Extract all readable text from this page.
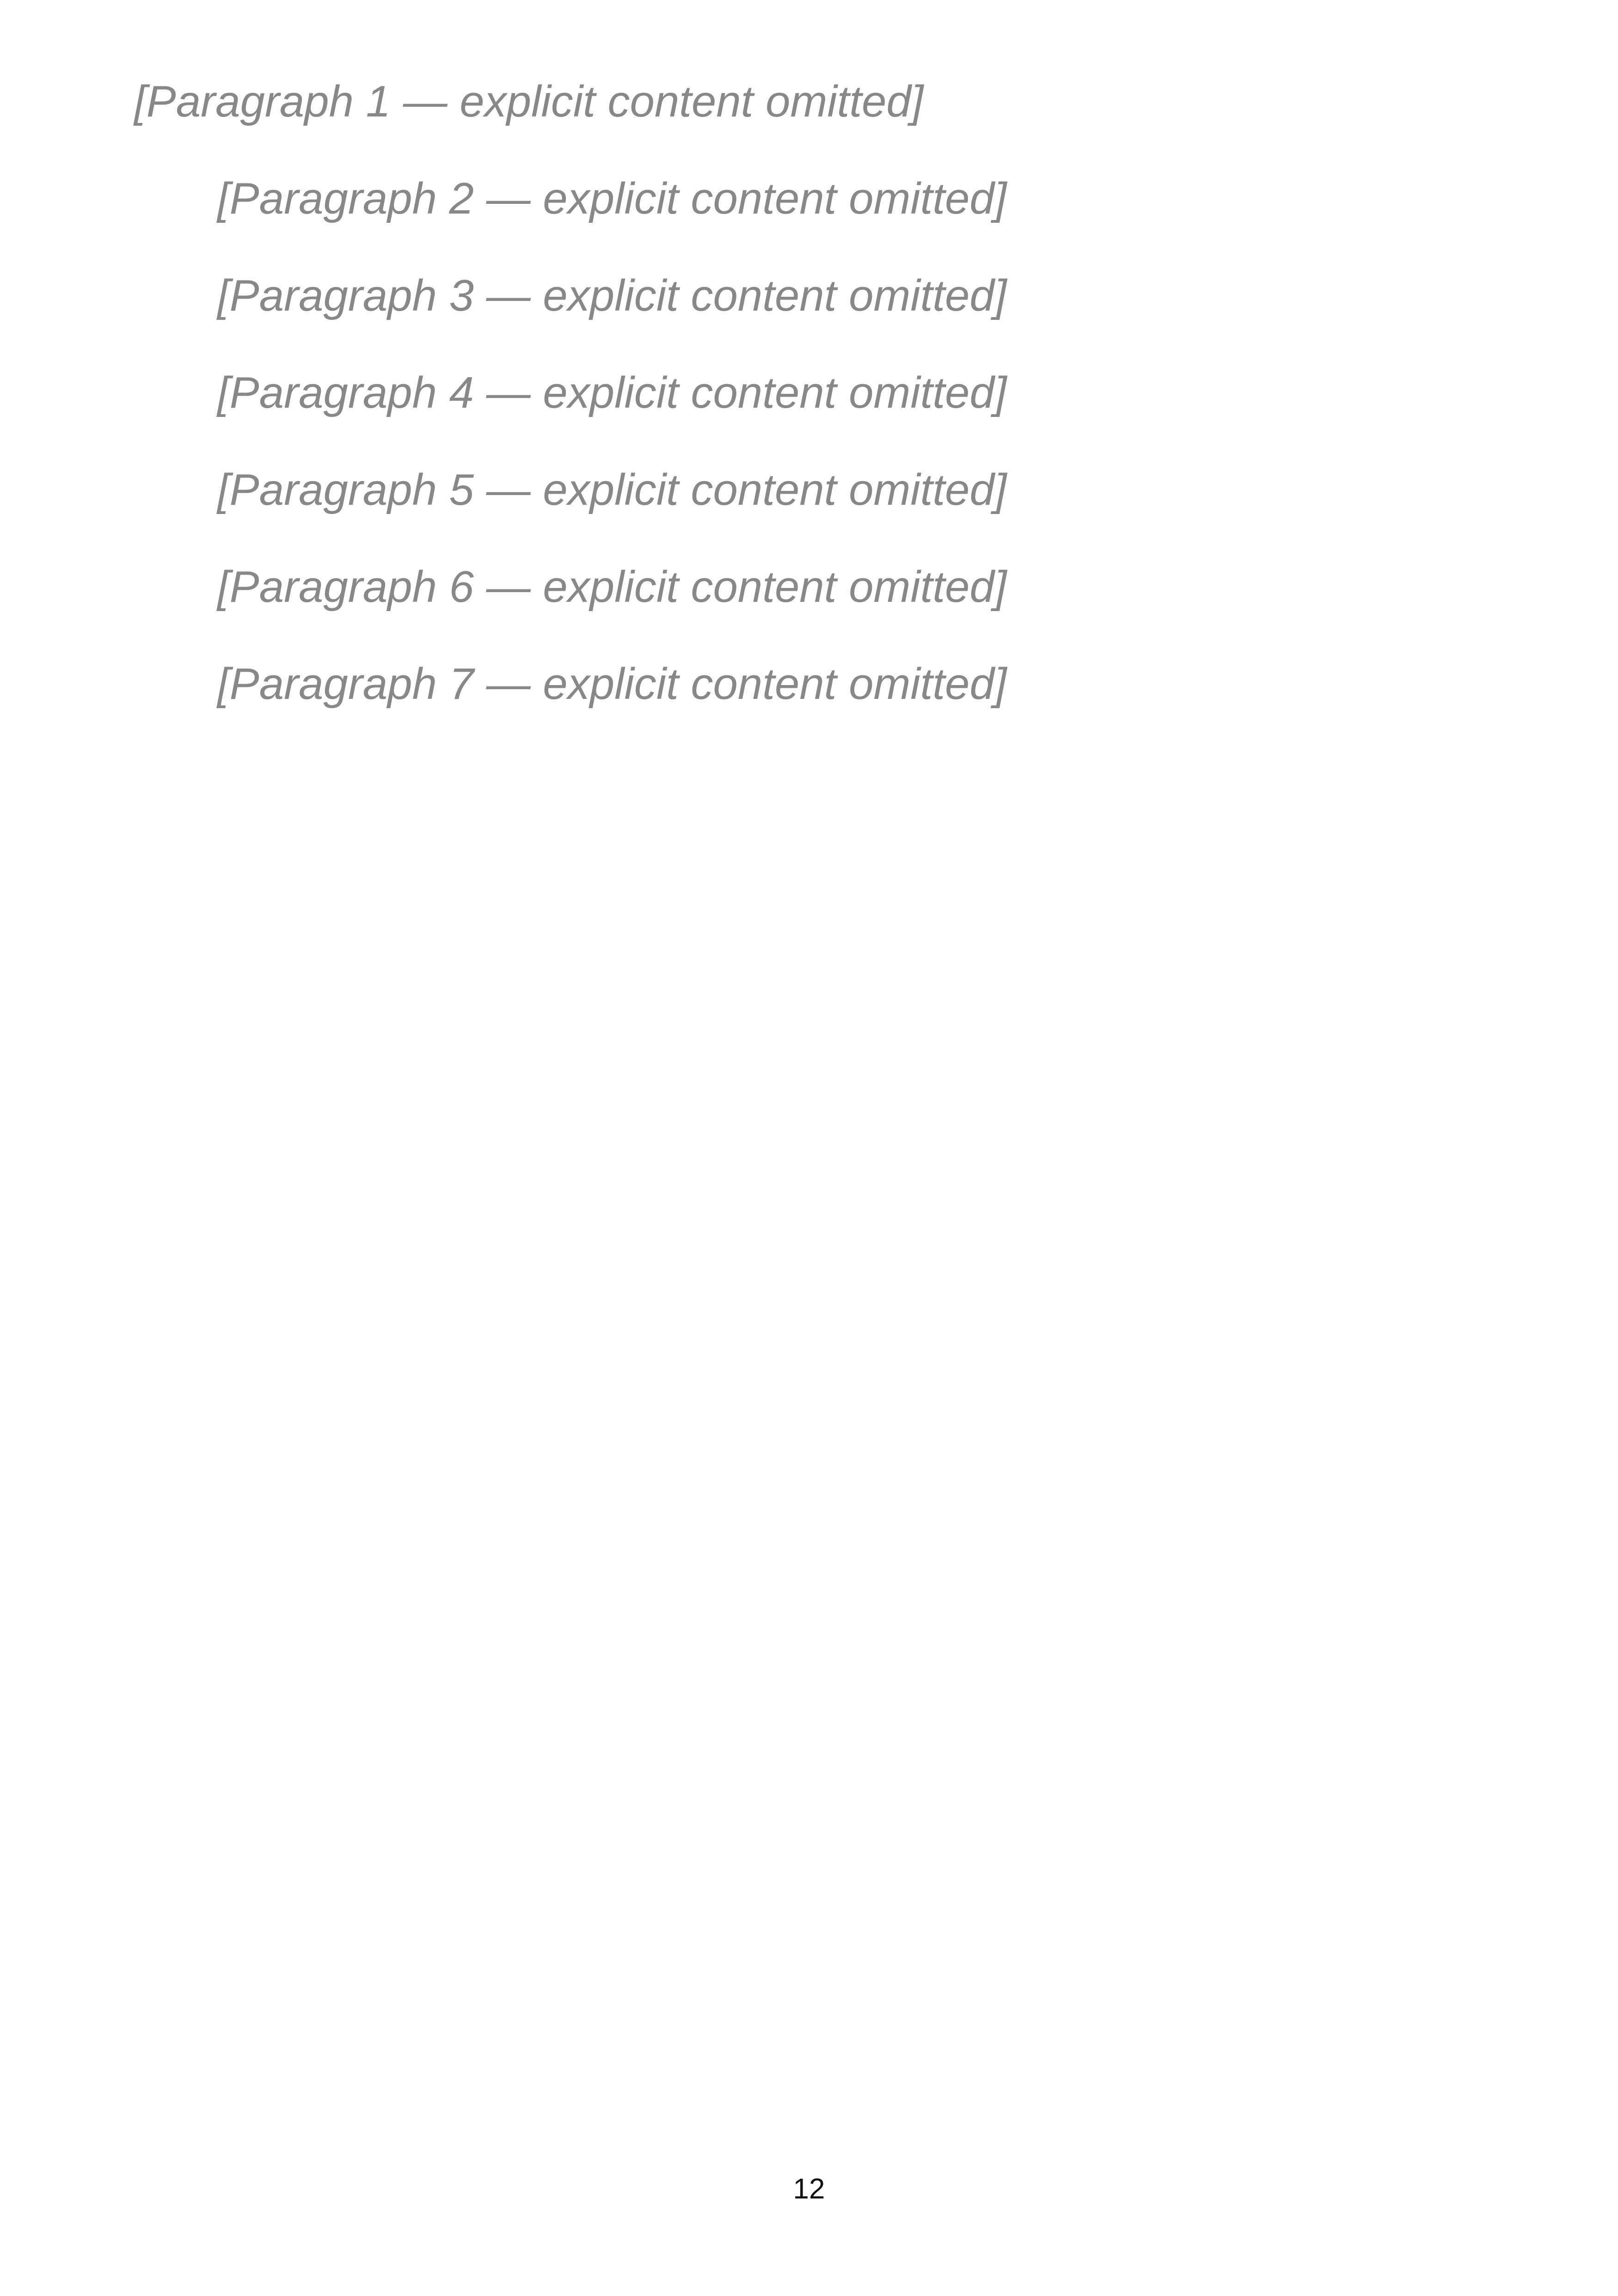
[Paragraph 1 — explicit content omitted]

[Paragraph 2 — explicit content omitted]

[Paragraph 3 — explicit content omitted]

[Paragraph 4 — explicit content omitted]

[Paragraph 5 — explicit content omitted]

[Paragraph 6 — explicit content omitted]

[Paragraph 7 — explicit content omitted]

12
